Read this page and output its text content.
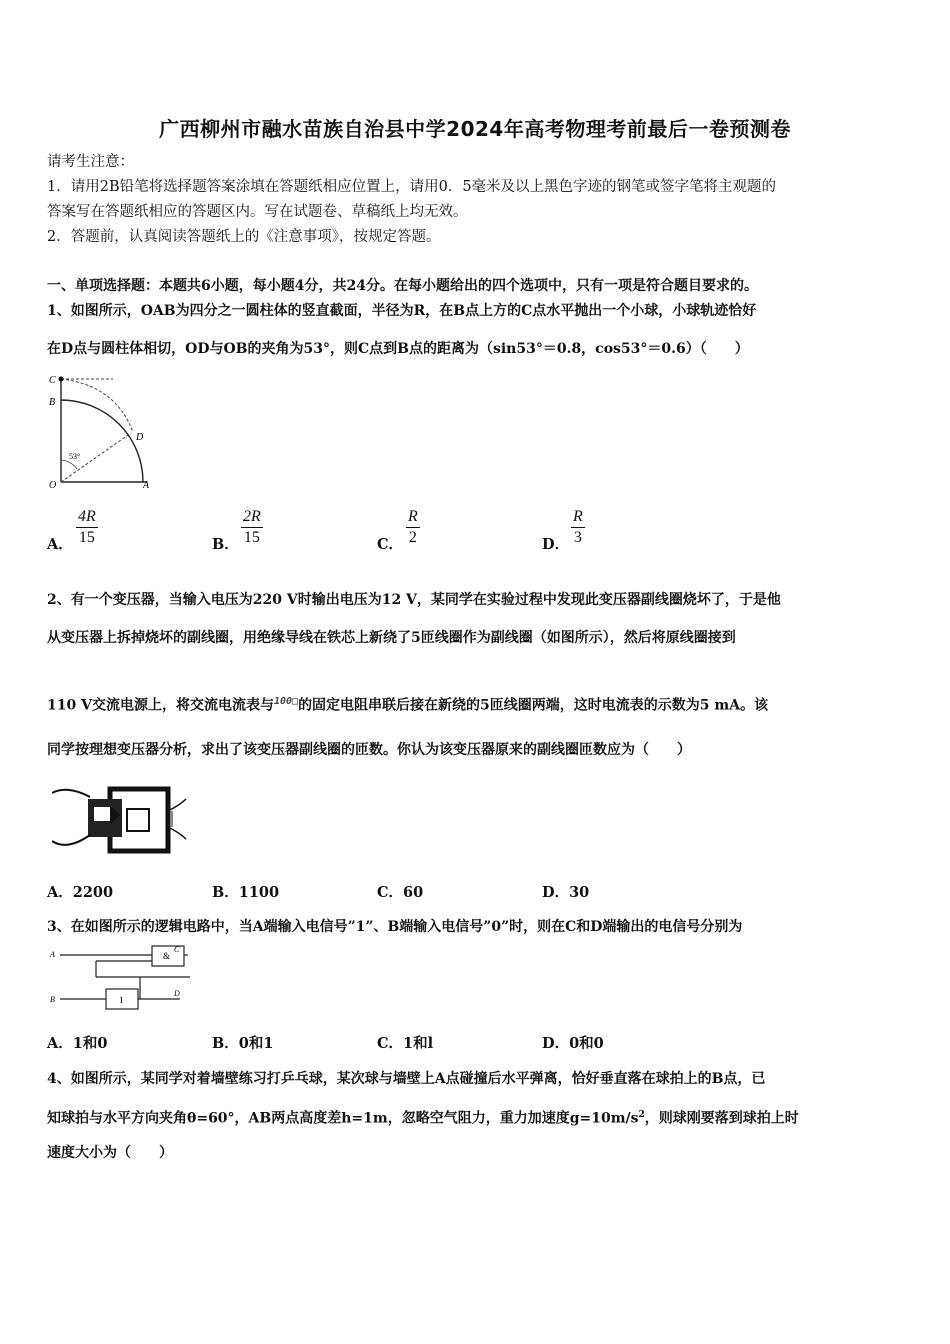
广西柳州市融水苗族自治县中学2024年高考物理考前最后一卷预测卷
请考生注意：
1．请用2B铅笔将选择题答案涂填在答题纸相应位置上，请用0．5毫米及以上黑色字迹的钢笔或签字笔将主观题的
答案写在答题纸相应的答题区内。写在试题卷、草稿纸上均无效。
2．答题前，认真阅读答题纸上的《注意事项》，按规定答题。
一、单项选择题：本题共6小题，每小题4分，共24分。在每小题给出的四个选项中，只有一项是符合题目要求的。
1、如图所示，OAB为四分之一圆柱体的竖直截面，半径为R，在B点上方的C点水平抛出一个小球，小球轨迹恰好
在D点与圆柱体相切，OD与OB的夹角为53°，则C点到B点的距离为（sin53°＝0.8，cos53°＝0.6）（　　）
C
B
D
O	A
53°
A．
4R
15	B．
2R
15	C．
R
2	D．
R
3
2、有一个变压器，当输入电压为220 V时输出电压为12 V，某同学在实验过程中发现此变压器副线圈烧坏了，于是他
从变压器上拆掉烧坏的副线圈，用绝缘导线在铁芯上新绕了5匝线圈作为副线圈（如图所示），然后将原线圈接到
110 V交流电源上，将交流电流表与$^{100□}$的固定电阻串联后接在新绕的5匝线圈两端，这时电流表的示数为5 mA。该
同学按理想变压器分析，求出了该变压器副线圈的匝数。你认为该变压器原来的副线圈匝数应为（　　）
A．2200	B．1100	C．60	D．30
3、在如图所示的逻辑电路中，当A端输入电信号”1”、B端输入电信号”0”时，则在C和D端输出的电信号分别为
A
B
C
D
&
1
A．1和0	B．0和1	C．1和l	D．0和0
4、如图所示，某同学对着墙壁练习打乒乓球，某次球与墙壁上A点碰撞后水平弹离，恰好垂直落在球拍上的B点，已
知球拍与水平方向夹角θ=60°，AB两点高度差h=1m，忽略空气阻力，重力加速度$g=10m/s^2$，则球刚要落到球拍上时
速度大小为（　　）
